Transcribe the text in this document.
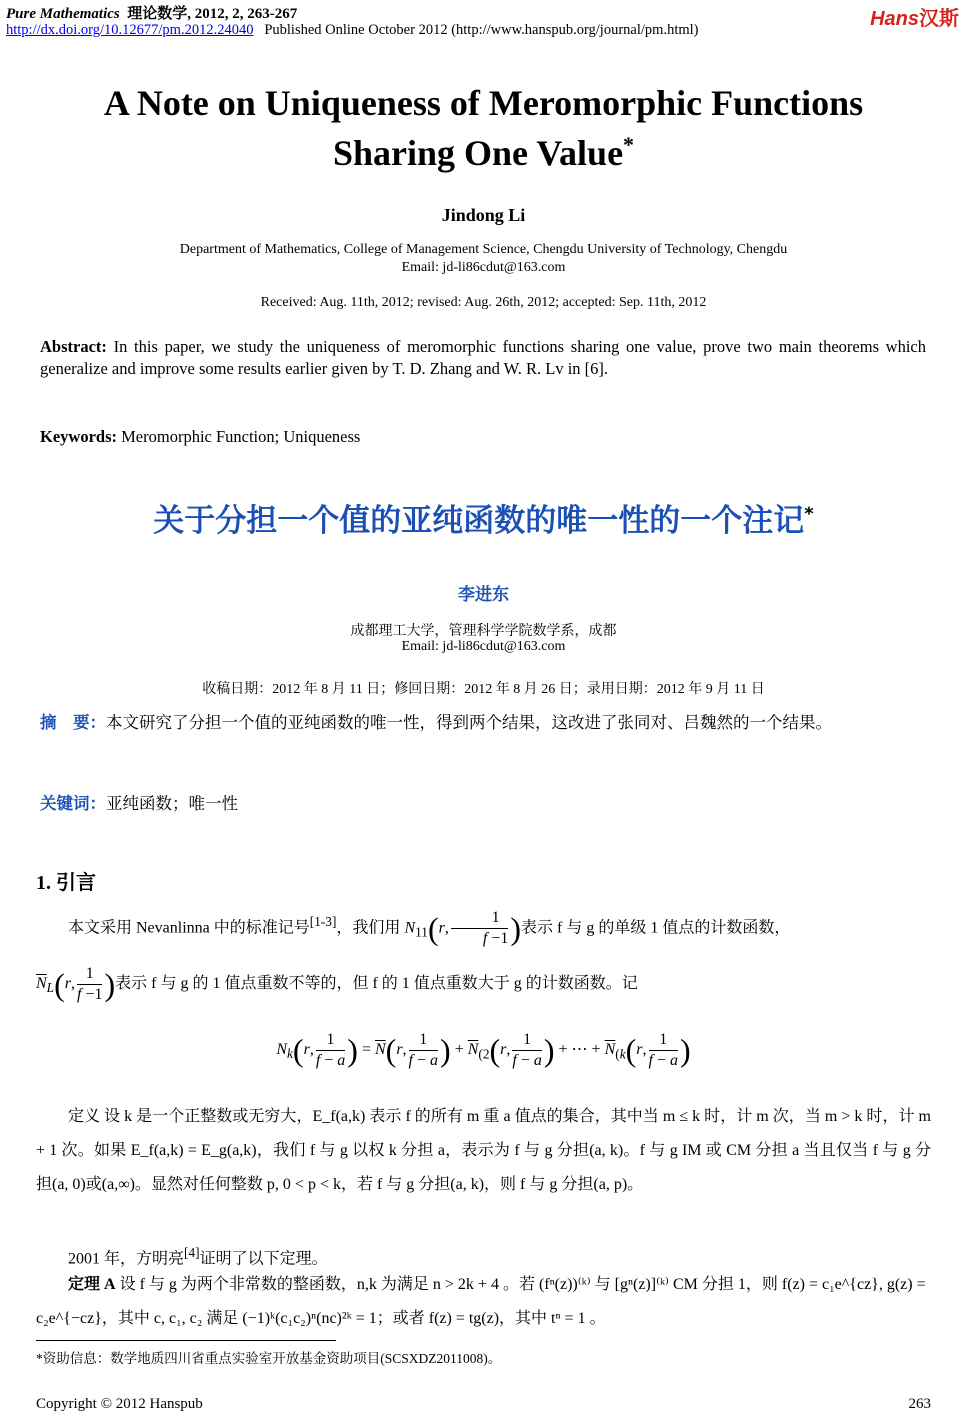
Pure Mathematics 理论数学, 2012, 2, 263-267
http://dx.doi.org/10.12677/pm.2012.24040 Published Online October 2012 (http://www.hanspub.org/journal/pm.html)	Hans汉斯
A Note on Uniqueness of Meromorphic Functions
Sharing One Value*
Jindong Li
Department of Mathematics, College of Management Science, Chengdu University of Technology, Chengdu
Email: jd-li86cdut@163.com
Received: Aug. 11th, 2012; revised: Aug. 26th, 2012; accepted: Sep. 11th, 2012
Abstract: In this paper, we study the uniqueness of meromorphic functions sharing one value, prove two main theorems which generalize and improve some results earlier given by T. D. Zhang and W. R. Lv in [6].
Keywords: Meromorphic Function; Uniqueness
关于分担一个值的亚纯函数的唯一性的一个注记*
李进东
成都理工大学，管理科学学院数学系，成都
Email: jd-li86cdut@163.com
收稿日期：2012 年 8 月 11 日；修回日期：2012 年 8 月 26 日；录用日期：2012 年 9 月 11 日
摘　要：本文研究了分担一个值的亚纯函数的唯一性，得到两个结果，这改进了张同对、吕魏然的一个结果。
关键词：亚纯函数；唯一性
1. 引言
本文采用 Nevanlinna 中的标准记号[1-3]，我们用 $N_{11}(r$, $\frac{1}{f -1}$ )表示 f 与 g 的单级 1 值点的计数函数，
$\overline{N}_L(r$, $\frac{1}{f -1}$ )表示 f 与 g 的 1 值点重数不等的，但 f 的 1 值点重数大于 g 的计数函数。记
$N_k(r$, $\frac{1}{f - a}$ ) = $\overline{N}(r$, $\frac{1}{f - a}$ ) + $\overline{N}_{(2}(r$, $\frac{1}{f - a}$ ) + ⋯ + $\overline{N}_{(k}(r$, $\frac{1}{f - a}$ )
定义 设 k 是一个正整数或无穷大，E_f(a,k) 表示 f 的所有 m 重 a 值点的集合，其中当 m ≤ k 时，计 m 次，当 m > k 时，计 m + 1 次。如果 E_f(a,k) = E_g(a,k)，我们 f 与 g 以权 k 分担 a，表示为 f 与 g 分担(a, k)。f 与 g IM 或 CM 分担 a 当且仅当 f 与 g 分担(a, 0)或(a,∞)。显然对任何整数 p, 0 < p < k，若 f 与 g 分担(a, k)，则 f 与 g 分担(a, p)。
2001 年，方明亮[4]证明了以下定理。
定理 A 设 f 与 g 为两个非常数的整函数，n,k 为满足 n > 2k + 4 。若 (fⁿ(z))⁽ᵏ⁾ 与 [gⁿ(z)]⁽ᵏ⁾ CM 分担 1，则 f(z) = c₁e^{cz}, g(z) = c₂e^{−cz}，其中 c, c₁, c₂ 满足 (−1)ᵏ(c₁c₂)ⁿ(nc)²ᵏ = 1；或者 f(z) = tg(z)，其中 tⁿ = 1 。
*资助信息：数学地质四川省重点实验室开放基金资助项目(SCSXDZ2011008)。
Copyright © 2012 Hanspub	263
